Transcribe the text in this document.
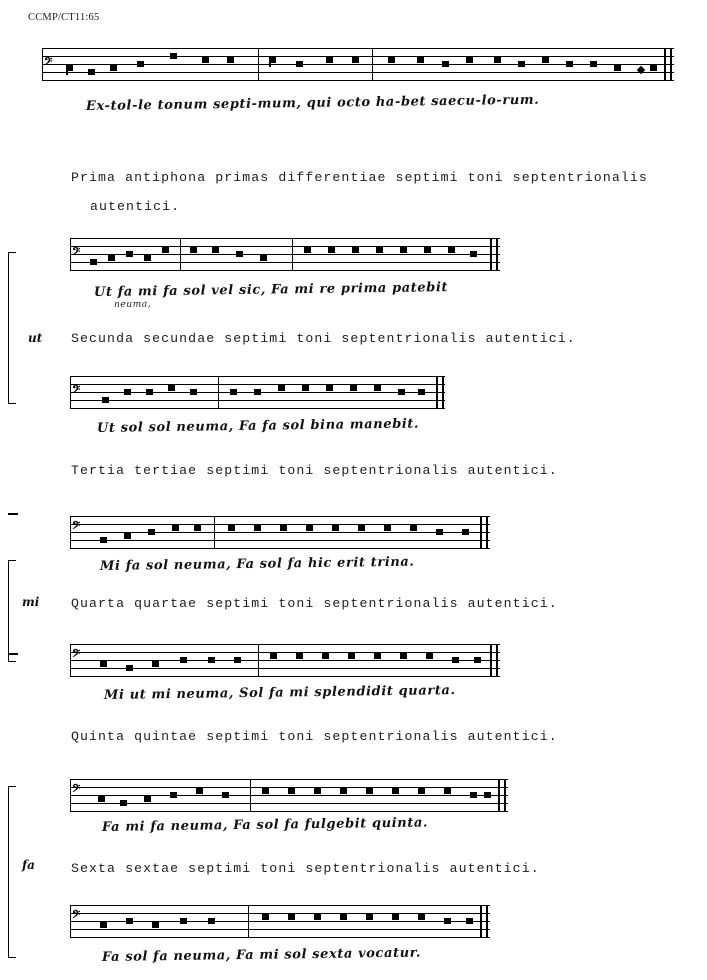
CCMP/CT11:65
𝄢
Ex-tol-le tonum septi-mum, qui octo ha-bet saecu-lo-rum.
Prima antiphona primas differentiae septimi toni septentrionalis
autentici.
𝄢
Ut fa mi fa sol vel sic, Fa mi re prima patebit
neuma,
ut Secunda secundae septimi toni septentrionalis autentici.
𝄢
Ut sol sol neuma, Fa fa sol bina manebit.
Tertia tertiae septimi toni septentrionalis autentici.
𝄢
Mi fa sol neuma, Fa sol fa hic erit trina.
mi Quarta quartae septimi toni septentrionalis autentici.
𝄢
Mi ut mi neuma, Sol fa mi splendidit quarta.
Quinta quintae septimi toni septentrionalis autentici.
𝄢
Fa mi fa neuma, Fa sol fa fulgebit quinta.
fa	Sexta sextae septimi toni septentrionalis autentici.
𝄢
Fa sol fa neuma, Fa mi sol sexta vocatur.
